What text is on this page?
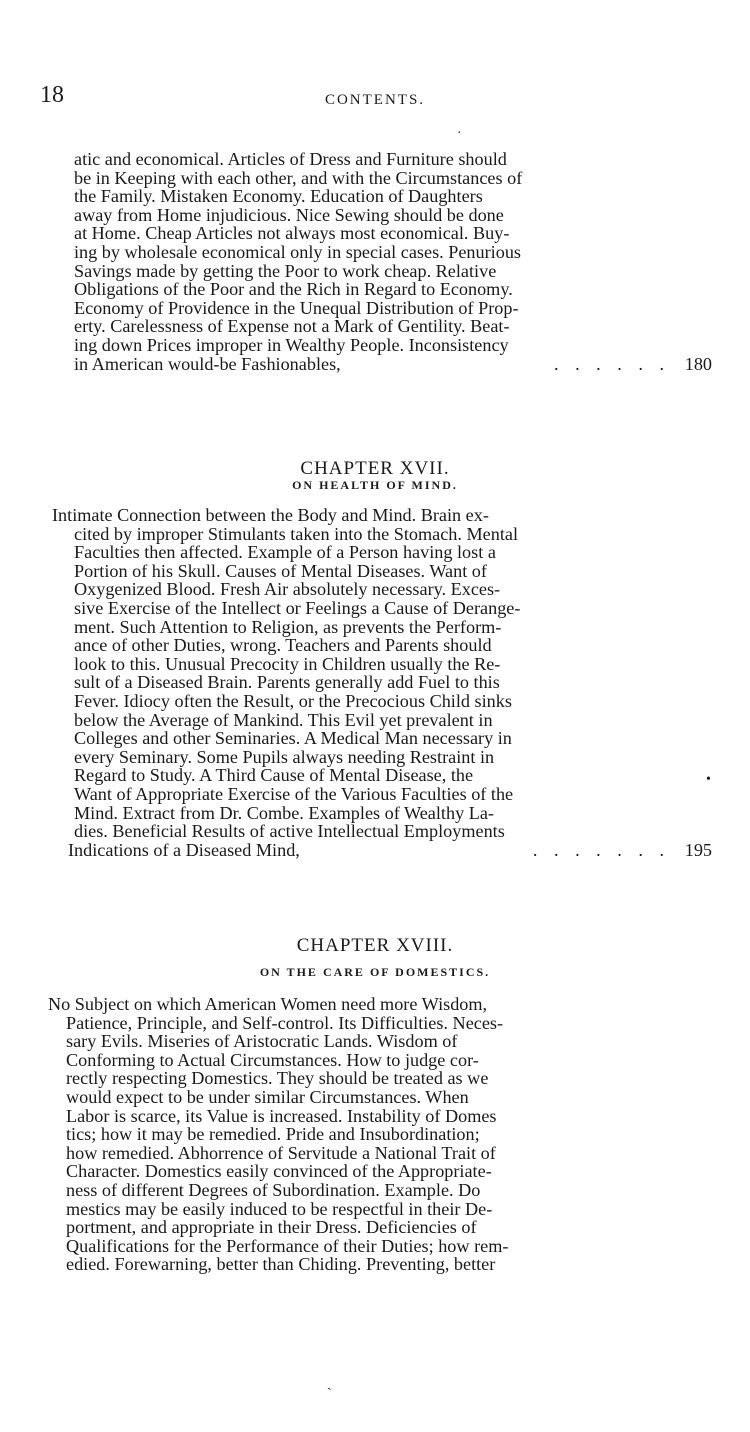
18	CONTENTS.
·
atic and economical. Articles of Dress and Furniture should
be in Keeping with each other, and with the Circumstances of
the Family. Mistaken Economy. Education of Daughters
away from Home injudicious. Nice Sewing should be done
at Home. Cheap Articles not always most economical. Buy-
ing by wholesale economical only in special cases. Penurious
Savings made by getting the Poor to work cheap. Relative
Obligations of the Poor and the Rich in Regard to Economy.
Economy of Providence in the Unequal Distribution of Prop-
erty. Carelessness of Expense not a Mark of Gentility. Beat-
ing down Prices improper in Wealthy People. Inconsistency
in American would-be Fashionables,	. . . . . . 180
CHAPTER XVII.
ON HEALTH OF MIND.
Intimate Connection between the Body and Mind. Brain ex-
cited by improper Stimulants taken into the Stomach. Mental
Faculties then affected. Example of a Person having lost a
Portion of his Skull. Causes of Mental Diseases. Want of
Oxygenized Blood. Fresh Air absolutely necessary. Exces-
sive Exercise of the Intellect or Feelings a Cause of Derange-
ment. Such Attention to Religion, as prevents the Perform-
ance of other Duties, wrong. Teachers and Parents should
look to this. Unusual Precocity in Children usually the Re-
sult of a Diseased Brain. Parents generally add Fuel to this
Fever. Idiocy often the Result, or the Precocious Child sinks
below the Average of Mankind. This Evil yet prevalent in
Colleges and other Seminaries. A Medical Man necessary in
every Seminary. Some Pupils always needing Restraint in
Regard to Study. A Third Cause of Mental Disease, the
Want of Appropriate Exercise of the Various Faculties of the
Mind. Extract from Dr. Combe. Examples of Wealthy La-
dies. Beneficial Results of active Intellectual Employments
Indications of a Diseased Mind,	. . . . . . . 195
•
CHAPTER XVIII.
ON THE CARE OF DOMESTICS.
No Subject on which American Women need more Wisdom,
Patience, Principle, and Self-control. Its Difficulties. Neces-
sary Evils. Miseries of Aristocratic Lands. Wisdom of
Conforming to Actual Circumstances. How to judge cor-
rectly respecting Domestics. They should be treated as we
would expect to be under similar Circumstances. When
Labor is scarce, its Value is increased. Instability of Domes
tics; how it may be remedied. Pride and Insubordination;
how remedied. Abhorrence of Servitude a National Trait of
Character. Domestics easily convinced of the Appropriate-
ness of different Degrees of Subordination. Example. Do
mestics may be easily induced to be respectful in their De-
portment, and appropriate in their Dress. Deficiencies of
Qualifications for the Performance of their Duties; how rem-
edied. Forewarning, better than Chiding. Preventing, better
ˎ
